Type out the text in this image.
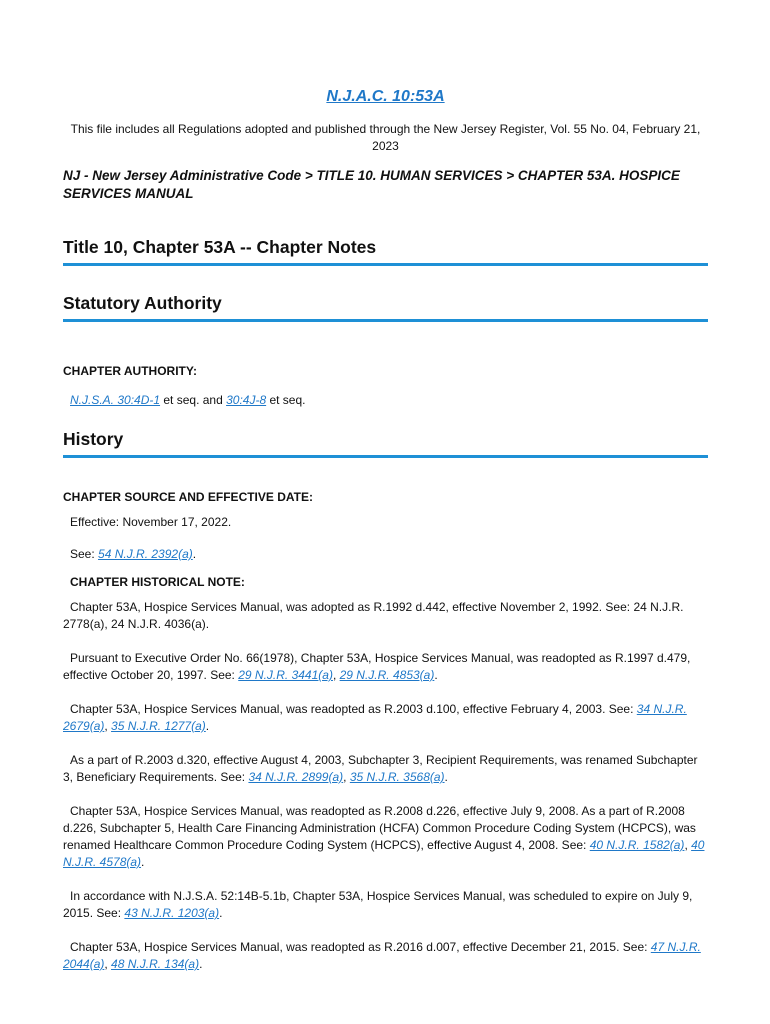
N.J.A.C. 10:53A
This file includes all Regulations adopted and published through the New Jersey Register, Vol. 55 No. 04, February 21, 2023
NJ - New Jersey Administrative Code > TITLE 10. HUMAN SERVICES > CHAPTER 53A. HOSPICE SERVICES MANUAL
Title 10, Chapter 53A -- Chapter Notes
Statutory Authority
CHAPTER AUTHORITY:
N.J.S.A. 30:4D-1 et seq. and 30:4J-8 et seq.
History
CHAPTER SOURCE AND EFFECTIVE DATE:
Effective: November 17, 2022.
See: 54 N.J.R. 2392(a).
CHAPTER HISTORICAL NOTE:
Chapter 53A, Hospice Services Manual, was adopted as R.1992 d.442, effective November 2, 1992. See: 24 N.J.R. 2778(a), 24 N.J.R. 4036(a).
Pursuant to Executive Order No. 66(1978), Chapter 53A, Hospice Services Manual, was readopted as R.1997 d.479, effective October 20, 1997. See: 29 N.J.R. 3441(a), 29 N.J.R. 4853(a).
Chapter 53A, Hospice Services Manual, was readopted as R.2003 d.100, effective February 4, 2003. See: 34 N.J.R. 2679(a), 35 N.J.R. 1277(a).
As a part of R.2003 d.320, effective August 4, 2003, Subchapter 3, Recipient Requirements, was renamed Subchapter 3, Beneficiary Requirements. See: 34 N.J.R. 2899(a), 35 N.J.R. 3568(a).
Chapter 53A, Hospice Services Manual, was readopted as R.2008 d.226, effective July 9, 2008. As a part of R.2008 d.226, Subchapter 5, Health Care Financing Administration (HCFA) Common Procedure Coding System (HCPCS), was renamed Healthcare Common Procedure Coding System (HCPCS), effective August 4, 2008. See: 40 N.J.R. 1582(a), 40 N.J.R. 4578(a).
In accordance with N.J.S.A. 52:14B-5.1b, Chapter 53A, Hospice Services Manual, was scheduled to expire on July 9, 2015. See: 43 N.J.R. 1203(a).
Chapter 53A, Hospice Services Manual, was readopted as R.2016 d.007, effective December 21, 2015. See: 47 N.J.R. 2044(a), 48 N.J.R. 134(a).
